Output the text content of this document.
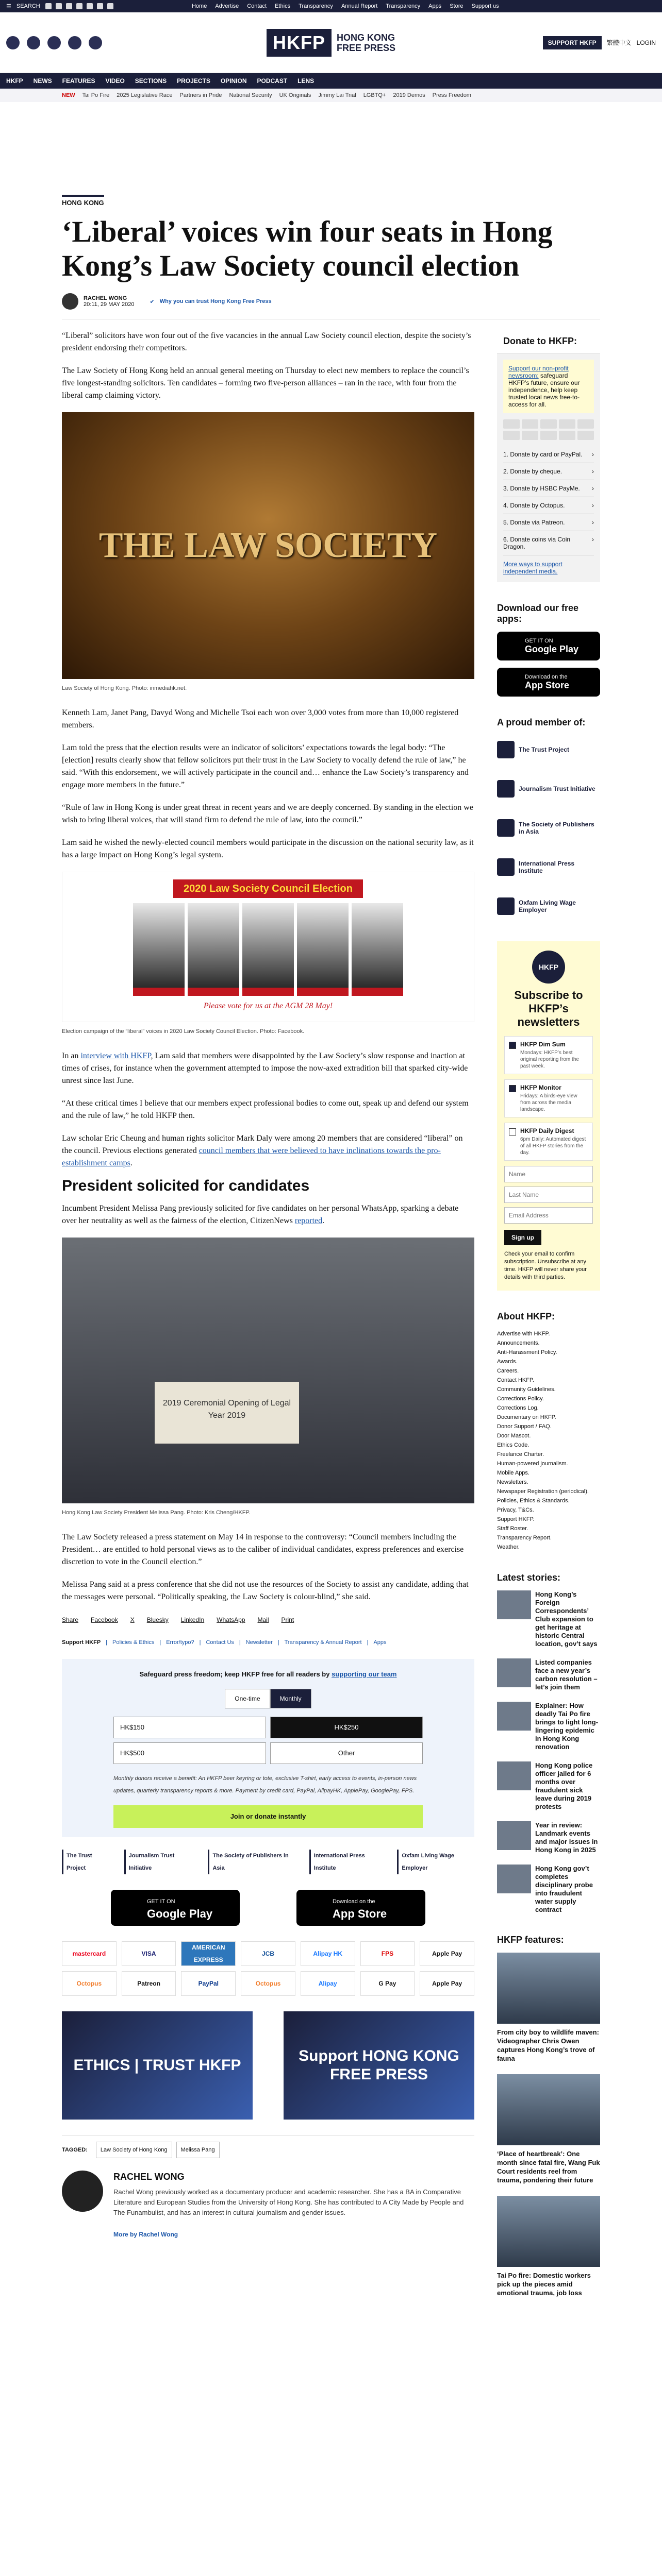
☰ SEARCH	Home Advertise Contact Ethics Transparency Annual Report Transparency Apps Store Support us
HKFP	HONG KONG
FREE PRESS	SUPPORT HKFP	繁體中文 LOGIN
HKFP NEWS FEATURES VIDEO SECTIONS PROJECTS OPINION PODCAST LENS
NEW Tai Po Fire 2025 Legislative Race Partners in Pride National Security UK Originals Jimmy Lai Trial LGBTQ+ 2019 Demos Press Freedom
HONG KONG
‘Liberal’ voices win four seats in Hong Kong’s Law Society council election
RACHEL WONG
20:11, 29 MAY 2020	✔ Why you can trust Hong Kong Free Press

“Liberal” solicitors have won four out of the five vacancies in the annual Law Society council election, despite the society’s president endorsing their competitors.

The Law Society of Hong Kong held an annual general meeting on Thursday to elect new members to replace the council’s five longest-standing solicitors. Ten candidates – forming two five-person alliances – ran in the race, with four from the liberal camp claiming victory.

THE LAW SOCIETY
Law Society of Hong Kong. Photo: inmediahk.net.

Kenneth Lam, Janet Pang, Davyd Wong and Michelle Tsoi each won over 3,000 votes from more than 10,000 registered members.

Lam told the press that the election results were an indicator of solicitors’ expectations towards the legal body: “The [election] results clearly show that fellow solicitors put their trust in the Law Society to vocally defend the rule of law,” he said. “With this endorsement, we will actively participate in the council and… enhance the Law Society’s transparency and engage more members in the future.”

“Rule of law in Hong Kong is under great threat in recent years and we are deeply concerned. By standing in the election we wish to bring liberal voices, that will stand firm to defend the rule of law, into the council.”

Lam said he wished the newly-elected council members would participate in the discussion on the national security law, as it has a large impact on Hong Kong’s legal system.

2020 Law Society Council Election
Please vote for us at the AGM 28 May!
Election campaign of the “liberal” voices in 2020 Law Society Council Election. Photo: Facebook.

In an interview with HKFP, Lam said that members were disappointed by the Law Society’s slow response and inaction at times of crises, for instance when the government attempted to impose the now-axed extradition bill that sparked city-wide unrest since last June.

“At these critical times I believe that our members expect professional bodies to come out, speak up and defend our system and the rule of law,” he told HKFP then.

Law scholar Eric Cheung and human rights solicitor Mark Daly were among 20 members that are considered “liberal” on the council. Previous elections generated council members that were believed to have inclinations towards the pro-establishment camps.

President solicited for candidates

Incumbent President Melissa Pang previously solicited for five candidates on her personal WhatsApp, sparking a debate over her neutrality as well as the fairness of the election, CitizenNews reported.

2019 Ceremonial Opening of Legal Year 2019
Hong Kong Law Society President Melissa Pang. Photo: Kris Cheng/HKFP.

The Law Society released a press statement on May 14 in response to the controversy: “Council members including the President… are entitled to hold personal views as to the caliber of individual candidates, express preferences and exercise discretion to vote in the Council election.”

Melissa Pang said at a press conference that she did not use the resources of the Society to assist any candidate, adding that the messages were personal. “Politically speaking, the Law Society is colour-blind,” she said.

Share Facebook X Bluesky LinkedIn WhatsApp Mail Print
Support HKFP | Policies & Ethics | Error/typo? | Contact Us | Newsletter | Transparency & Annual Report | Apps
Safeguard press freedom; keep HKFP free for all readers by supporting our team
One-time	Monthly
HK$150	HK$250
HK$500	Other
Monthly donors receive a benefit: An HKFP beer keyring or tote, exclusive T-shirt, early access to events, in-person news updates, quarterly transparency reports & more. Payment by credit card, PayPal, AlipayHK, ApplePay, GooglePay, FPS.
Join or donate instantly
The Trust Project
Journalism Trust Initiative
The Society of Publishers in Asia
International Press Institute
Oxfam Living Wage Employer
GET IT ON
Google Play
Download on the
App Store
mastercard	VISA
AMERICAN EXPRESS
JCB	Alipay HK	FPS	Apple Pay
Octopus	Patreon	PayPal	Octopus	Alipay	G Pay	Apple Pay
ETHICS | TRUST HKFP
Support HONG KONG FREE PRESS
TAGGED:	Law Society of Hong Kong	Melissa Pang
RACHEL WONG

Rachel Wong previously worked as a documentary producer and academic researcher. She has a BA in Comparative Literature and European Studies from the University of Hong Kong. She has contributed to A City Made by People and The Funambulist, and has an interest in cultural journalism and gender issues.

More by Rachel Wong
Donate to HKFP:
Support our non-profit newsroom: safeguard HKFP’s future, ensure our independence, help keep trusted local news free-to-access for all.
1. Donate by card or PayPal. ›
2. Donate by cheque.	›
3. Donate by HSBC PayMe. ›
4. Donate by Octopus.	›
5. Donate via Patreon.	›
6. Donate coins via Coin Dragon.
›
More ways to support independent media.
Download our free apps:
GET IT ON
Google Play
Download on the
App Store
A proud member of:
The Trust Project
Journalism Trust Initiative
The Society of Publishers in Asia
International Press Institute
Oxfam Living Wage Employer
HKFP
Subscribe to HKFP’s newsletters
HKFP Dim Sum
Mondays: HKFP’s best original reporting from the past week.
HKFP Monitor
Fridays: A birds-eye view from across the media landscape.
HKFP Daily Digest
6pm Daily: Automated digest of all HKFP stories from the day.
Name
Last Name
Email Address
Sign up
Check your email to confirm subscription. Unsubscribe at any time. HKFP will never share your details with third parties.
About HKFP:
Advertise with HKFP.
Announcements.
Anti-Harassment Policy.
Awards.
Careers.
Contact HKFP.
Community Guidelines.
Corrections Policy.
Corrections Log.
Documentary on HKFP.
Donor Support / FAQ.
Door Mascot.
Ethics Code.
Freelance Charter.
Human-powered journalism.
Mobile Apps.
Newsletters.
Newspaper Registration (periodical).
Policies, Ethics & Standards.
Privacy, T&Cs.
Support HKFP.
Staff Roster.
Transparency Report.
Weather.
Latest stories:
Hong Kong’s Foreign Correspondents’ Club expansion to get heritage at historic Central location, gov’t says
Listed companies face a new year’s carbon resolution – let’s join them
Explainer: How deadly Tai Po fire brings to light long-lingering epidemic in Hong Kong renovation
Hong Kong police officer jailed for 6 months over fraudulent sick leave during 2019 protests
Year in review: Landmark events and major issues in Hong Kong in 2025
Hong Kong gov’t completes disciplinary probe into fraudulent water supply contract
HKFP features:
From city boy to wildlife maven: Videographer Chris Owen captures Hong Kong’s trove of fauna
‘Place of heartbreak’: One month since fatal fire, Wang Fuk Court residents reel from trauma, pondering their future
Tai Po fire: Domestic workers pick up the pieces amid emotional trauma, job loss
